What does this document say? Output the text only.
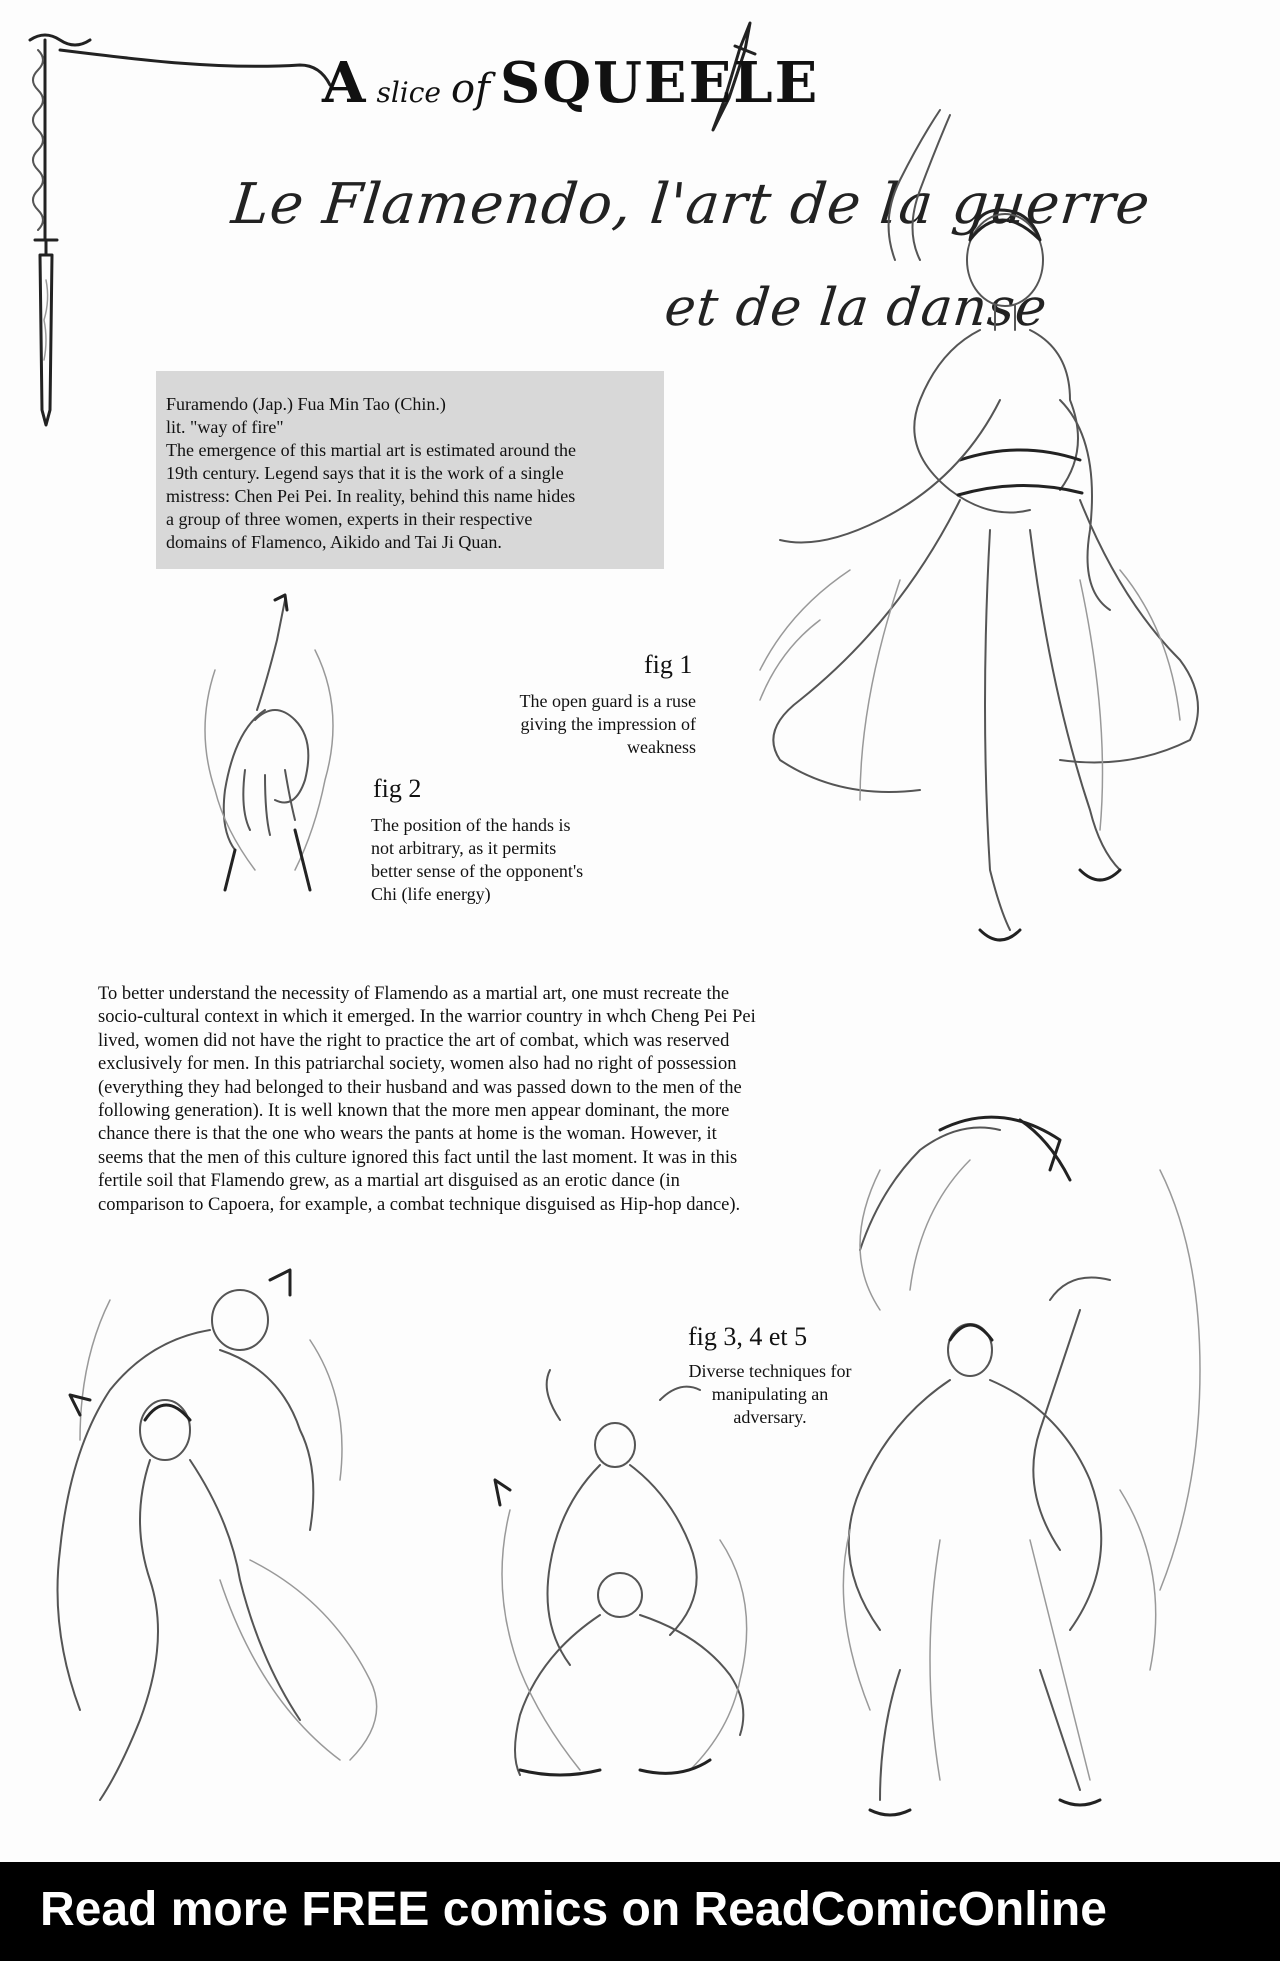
A slice of SQUEELE
Le Flamendo, l'art de la guerre
et de la danse
Furamendo (Jap.) Fua Min Tao (Chin.)
lit. "way of fire"
The emergence of this martial art is estimated around the
19th century. Legend says that it is the work of a single
mistress: Chen Pei Pei. In reality, behind this name hides
a group of three women, experts in their respective
domains of Flamenco, Aikido and Tai Ji Quan.
fig 1
The open guard is a ruse
giving the impression of
weakness
fig 2
The position of the hands is
not arbitrary, as it permits
better sense of the opponent's
Chi (life energy)
To better understand the necessity of Flamendo as a martial art, one must recreate the
socio-cultural context in which it emerged. In the warrior country in whch Cheng Pei Pei
lived, women did not have the right to practice the art of combat, which was reserved
exclusively for men. In this patriarchal society, women also had no right of possession
(everything they had belonged to their husband and was passed down to the men of the
following generation). It is well known that the more men appear dominant, the more
chance there is that the one who wears the pants at home is the woman. However, it
seems that the men of this culture ignored this fact until the last moment. It was in this
fertile soil that Flamendo grew, as a martial art disguised as an erotic dance (in
comparison to Capoera, for example, a combat technique disguised as Hip-hop dance).
fig 3, 4 et 5
Diverse techniques for
manipulating an
adversary.
Read more FREE comics on ReadComicOnline
